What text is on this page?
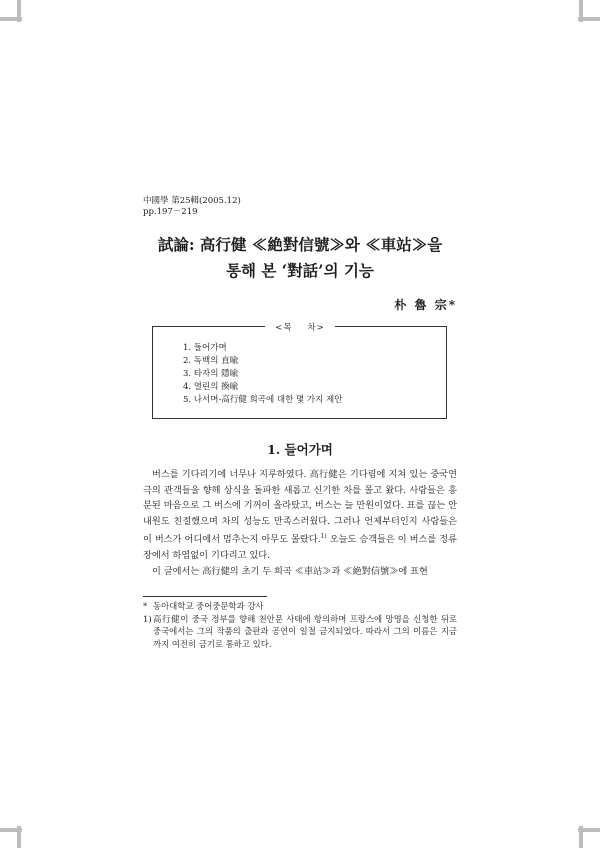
中國學 第25輯(2005.12)
pp.197－219
試論: 高行健 ≪絶對信號≫와 ≪車站≫을
통해 본 ‘對話’의 기능
朴 魯 宗*
<목    차>
1. 들어가며
2. 독백의 直喩
3. 타자의 隱喩
4. 열린의 換喩
5. 나서며-高行健 희곡에 대한 몇 가지 제안
1. 들어가며

버스를 기다리기에 너무나 지루하였다. 高行健은 기다림에 지쳐 있는 중국연극의 관객들을 향해 상식을 돌파한 새롭고 신기한 차를 몰고 왔다. 사람들은 흥분된 마음으로 그 버스에 기꺼이 올라탔고, 버스는 늘 만원이었다. 표를 끊는 안내원도 친절했으며 차의 성능도 만족스러웠다. 그러나 언제부터인지 사람들은 이 버스가 어디에서 멈추는지 아무도 몰랐다.$^{1)}$ 오늘도 승객들은 이 버스를 정류장에서 하염없이 기다리고 있다.

이 글에서는 高行健의 초기 두 희곡 ≪車站≫과 ≪絶對信號≫에 표현

* 동아대학교 중어중문학과 강사
1) 高行健이 중국 정부를 향해 천안문 사태에 항의하며 프랑스에 망명을 신청한 뒤로 중국에서는 그의 작품의 출판과 공연이 일절 금지되었다. 따라서 그의 이름은 지금까지 여전히 금기로 통하고 있다.
